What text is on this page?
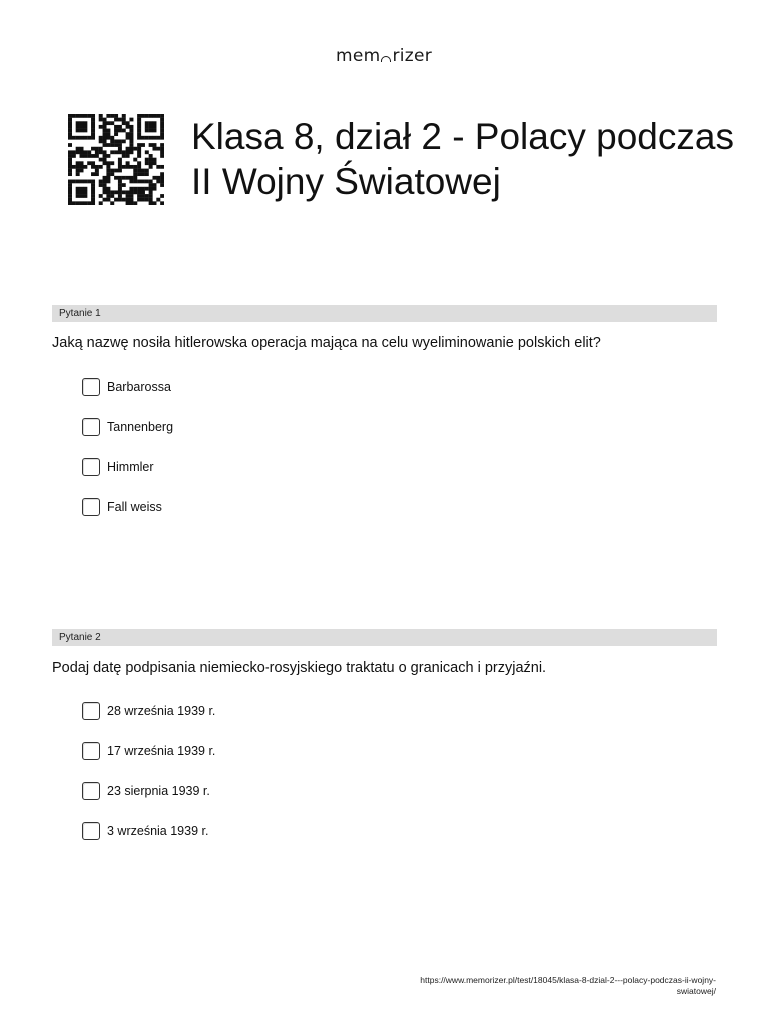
mem rizer
Klasa 8, dział 2 - Polacy podczas II Wojny Światowej
Pytanie 1
Jaką nazwę nosiła hitlerowska operacja mająca na celu wyeliminowanie polskich elit?
Barbarossa
Tannenberg
Himmler
Fall weiss
Pytanie 2
Podaj datę podpisania niemiecko-rosyjskiego traktatu o granicach i przyjaźni.
28 września 1939 r.
17 września 1939 r.
23 sierpnia 1939 r.
3 września 1939 r.
https://www.memorizer.pl/test/18045/klasa-8-dzial-2---polacy-podczas-ii-wojny-
swiatowej/
